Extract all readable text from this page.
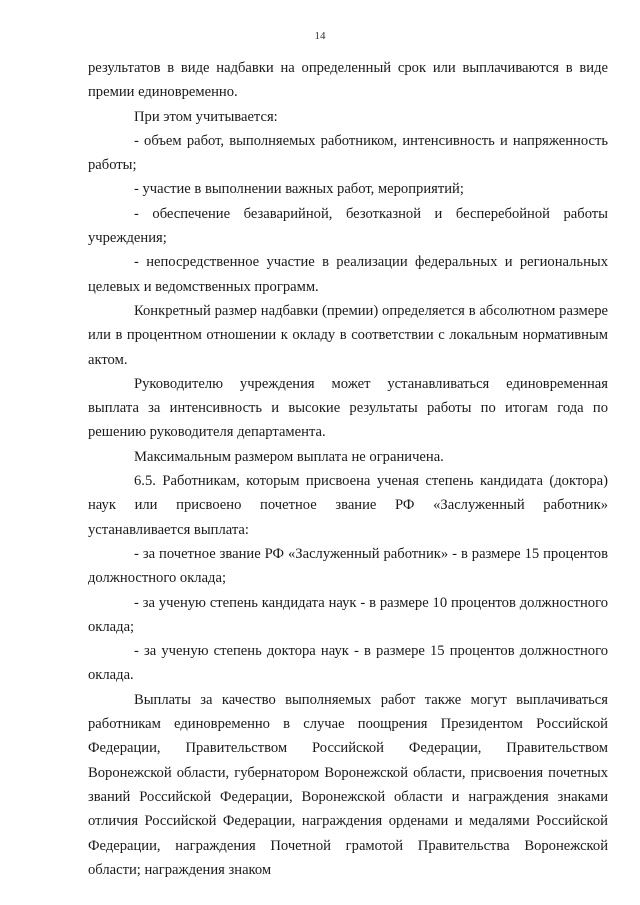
14

результатов в виде надбавки на определенный срок или выплачиваются в виде премии единовременно.

При этом учитывается:

- объем работ, выполняемых работником, интенсивность и напряженность работы;

- участие в выполнении важных работ, мероприятий;

- обеспечение безаварийной, безотказной и бесперебойной работы учреждения;

- непосредственное участие в реализации федеральных и региональных целевых и ведомственных программ.

Конкретный размер надбавки (премии) определяется в абсолютном размере или в процентном отношении к окладу в соответствии с локальным нормативным актом.

Руководителю учреждения может устанавливаться единовременная выплата за интенсивность и высокие результаты работы по итогам года по решению руководителя департамента.

Максимальным размером выплата не ограничена.

6.5. Работникам, которым присвоена ученая степень кандидата (доктора) наук или присвоено почетное звание РФ «Заслуженный работник» устанавливается выплата:

- за почетное звание РФ «Заслуженный работник» - в размере 15 процентов должностного оклада;

- за ученую степень кандидата наук - в размере 10 процентов должностного оклада;

- за ученую степень доктора наук - в размере 15 процентов должностного оклада.

Выплаты за качество выполняемых работ также могут выплачиваться работникам единовременно в случае поощрения Президентом Российской Федерации, Правительством Российской Федерации, Правительством Воронежской области, губернатором Воронежской области, присвоения почетных званий Российской Федерации, Воронежской области и награждения знаками отличия Российской Федерации, награждения орденами и медалями Российской Федерации, награждения Почетной грамотой Правительства Воронежской области; награждения знаком
